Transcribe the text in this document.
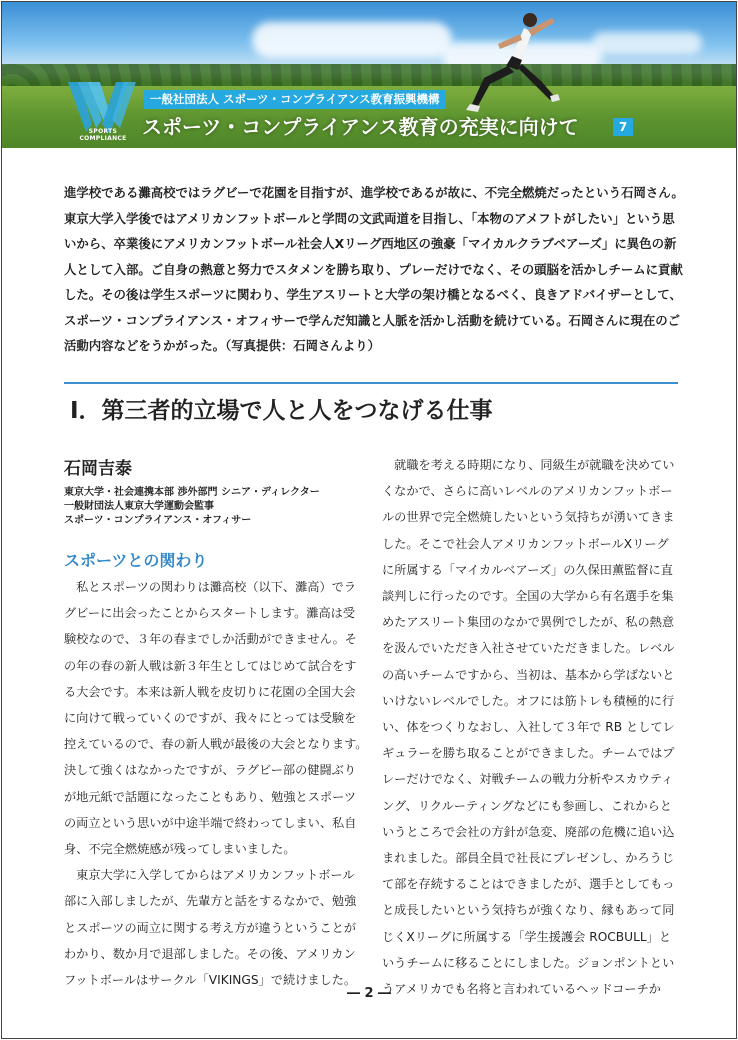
SPORTS
COMPLIANCE
一般社団法人 スポーツ・コンプライアンス教育振興機構
スポーツ・コンプライアンス教育の充実に向けて	7

進学校である灘高校ではラグビーで花園を目指すが、進学校であるが故に、不完全燃焼だったという石岡さん。

東京大学入学後ではアメリカンフットボールと学問の文武両道を目指し、「本物のアメフトがしたい」という思

いから、卒業後にアメリカンフットボール社会人Xリーグ西地区の強豪「マイカルクラブベアーズ」に異色の新

人として入部。ご自身の熱意と努力でスタメンを勝ち取り、プレーだけでなく、その頭脳を活かしチームに貢献

した。その後は学生スポーツに関わり、学生アスリートと大学の架け橋となるべく、良きアドバイザーとして、

スポーツ・コンプライアンス・オフィサーで学んだ知識と人脈を活かし活動を続けている。石岡さんに現在のご

活動内容などをうかがった。（写真提供：石岡さんより）

Ⅰ．第三者的立場で人と人をつなげる仕事
石岡吉泰
東京大学・社会連携本部 渉外部門 シニア・ディレクター
一般財団法人東京大学運動会監事
スポーツ・コンプライアンス・オフィサー
スポーツとの関わり
　私とスポーツの関わりは灘高校（以下、灘高）でラ
グビーに出会ったことからスタートします。灘高は受
験校なので、３年の春までしか活動ができません。そ
の年の春の新人戦は新３年生としてはじめて試合をす
る大会です。本来は新人戦を皮切りに花園の全国大会
に向けて戦っていくのですが、我々にとっては受験を
控えているので、春の新人戦が最後の大会となります。
決して強くはなかったですが、ラグビー部の健闘ぶり
が地元紙で話題になったこともあり、勉強とスポーツ
の両立という思いが中途半端で終わってしまい、私自
身、不完全燃焼感が残ってしまいました。
　東京大学に入学してからはアメリカンフットボール
部に入部しましたが、先輩方と話をするなかで、勉強
とスポーツの両立に関する考え方が違うということが
わかり、数か月で退部しました。その後、アメリカン
フットボールはサークル「VIKINGS」で続けました。
　就職を考える時期になり、同級生が就職を決めてい
くなかで、さらに高いレベルのアメリカンフットボー
ルの世界で完全燃焼したいという気持ちが湧いてきま
した。そこで社会人アメリカンフットボールXリーグ
に所属する「マイカルベアーズ」の久保田薫監督に直
談判しに行ったのです。全国の大学から有名選手を集
めたアスリート集団のなかで異例でしたが、私の熱意
を汲んでいただき入社させていただきました。レベル
の高いチームですから、当初は、基本から学ばないと
いけないレベルでした。オフには筋トレも積極的に行
い、体をつくりなおし、入社して３年で RB としてレ
ギュラーを勝ち取ることができました。チームではプ
レーだけでなく、対戦チームの戦力分析やスカウティ
ング、リクルーティングなどにも参画し、これからと
いうところで会社の方針が急変、廃部の危機に追い込
まれました。部員全員で社長にプレゼンし、かろうじ
て部を存続することはできましたが、選手としてもっ
と成長したいという気持ちが強くなり、縁もあって同
じくXリーグに所属する「学生援護会 ROCBULL」と
いうチームに移ることにしました。ジョンポントとい
うアメリカでも名将と言われているヘッドコーチか
― 2 ―
